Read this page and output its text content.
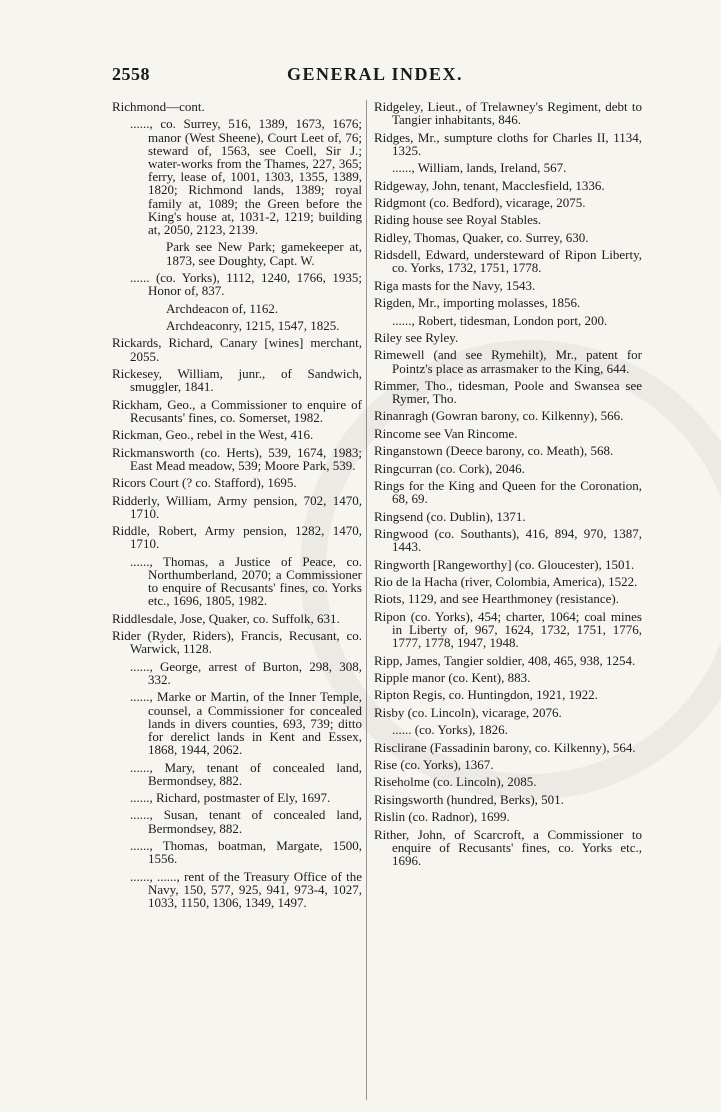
2558	GENERAL INDEX.

Richmond—cont.

......, co. Surrey, 516, 1389, 1673, 1676; manor (West Sheene), Court Leet of, 76; steward of, 1563, see Coell, Sir J.; water-works from the Thames, 227, 365; ferry, lease of, 1001, 1303, 1355, 1389, 1820; Richmond lands, 1389; royal family at, 1089; the Green before the King's house at, 1031-2, 1219; building at, 2050, 2123, 2139.

Park see New Park; gamekeeper at, 1873, see Doughty, Capt. W.

...... (co. Yorks), 1112, 1240, 1766, 1935; Honor of, 837.

Archdeacon of, 1162.

Archdeaconry, 1215, 1547, 1825.

Rickards, Richard, Canary [wines] merchant, 2055.

Rickesey, William, junr., of Sandwich, smuggler, 1841.

Rickham, Geo., a Commissioner to enquire of Recusants' fines, co. Somerset, 1982.

Rickman, Geo., rebel in the West, 416.

Rickmansworth (co. Herts), 539, 1674, 1983; East Mead meadow, 539; Moore Park, 539.

Ricors Court (? co. Stafford), 1695.

Ridderly, William, Army pension, 702, 1470, 1710.

Riddle, Robert, Army pension, 1282, 1470, 1710.

......, Thomas, a Justice of Peace, co. Northumberland, 2070; a Commissioner to enquire of Recusants' fines, co. Yorks etc., 1696, 1805, 1982.

Riddlesdale, Jose, Quaker, co. Suffolk, 631.

Rider (Ryder, Riders), Francis, Recusant, co. Warwick, 1128.

......, George, arrest of Burton, 298, 308, 332.

......, Marke or Martin, of the Inner Temple, counsel, a Commissioner for concealed lands in divers counties, 693, 739; ditto for derelict lands in Kent and Essex, 1868, 1944, 2062.

......, Mary, tenant of concealed land, Bermondsey, 882.

......, Richard, postmaster of Ely, 1697.

......, Susan, tenant of concealed land, Bermondsey, 882.

......, Thomas, boatman, Margate, 1500, 1556.

......, ......, rent of the Treasury Office of the Navy, 150, 577, 925, 941, 973-4, 1027, 1033, 1150, 1306, 1349, 1497.

Ridgeley, Lieut., of Trelawney's Regiment, debt to Tangier inhabitants, 846.

Ridges, Mr., sumpture cloths for Charles II, 1134, 1325.

......, William, lands, Ireland, 567.

Ridgeway, John, tenant, Macclesfield, 1336.

Ridgmont (co. Bedford), vicarage, 2075.

Riding house see Royal Stables.

Ridley, Thomas, Quaker, co. Surrey, 630.

Ridsdell, Edward, understeward of Ripon Liberty, co. Yorks, 1732, 1751, 1778.

Riga masts for the Navy, 1543.

Rigden, Mr., importing molasses, 1856.

......, Robert, tidesman, London port, 200.

Riley see Ryley.

Rimewell (and see Rymehilt), Mr., patent for Pointz's place as arrasmaker to the King, 644.

Rimmer, Tho., tidesman, Poole and Swansea see Rymer, Tho.

Rinanragh (Gowran barony, co. Kilkenny), 566.

Rincome see Van Rincome.

Ringanstown (Deece barony, co. Meath), 568.

Ringcurran (co. Cork), 2046.

Rings for the King and Queen for the Coronation, 68, 69.

Ringsend (co. Dublin), 1371.

Ringwood (co. Southants), 416, 894, 970, 1387, 1443.

Ringworth [Rangeworthy] (co. Gloucester), 1501.

Rio de la Hacha (river, Colombia, America), 1522.

Riots, 1129, and see Hearthmoney (resistance).

Ripon (co. Yorks), 454; charter, 1064; coal mines in Liberty of, 967, 1624, 1732, 1751, 1776, 1777, 1778, 1947, 1948.

Ripp, James, Tangier soldier, 408, 465, 938, 1254.

Ripple manor (co. Kent), 883.

Ripton Regis, co. Huntingdon, 1921, 1922.

Risby (co. Lincoln), vicarage, 2076.

...... (co. Yorks), 1826.

Risclirane (Fassadinin barony, co. Kilkenny), 564.

Rise (co. Yorks), 1367.

Riseholme (co. Lincoln), 2085.

Risingsworth (hundred, Berks), 501.

Rislin (co. Radnor), 1699.

Rither, John, of Scarcroft, a Commissioner to enquire of Recusants' fines, co. Yorks etc., 1696.
